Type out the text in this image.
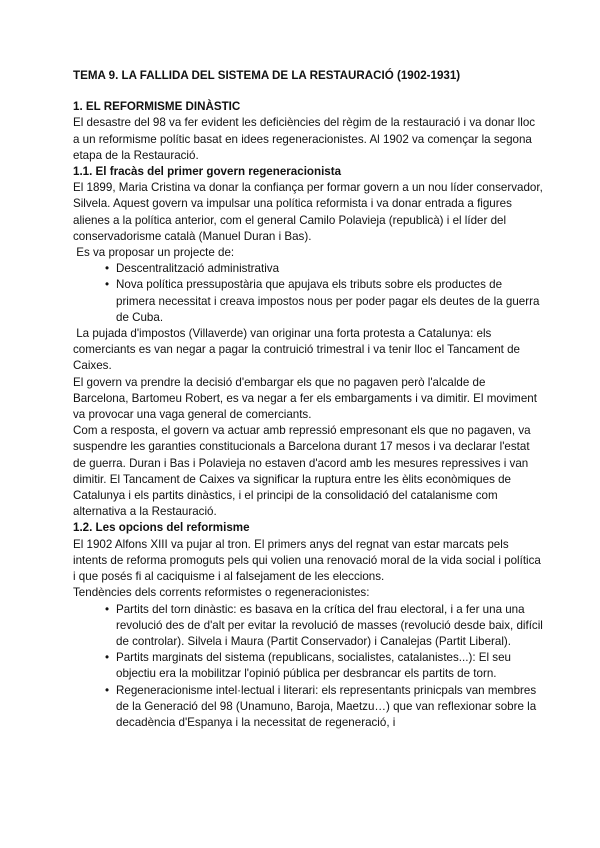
TEMA 9. LA FALLIDA DEL SISTEMA DE LA RESTAURACIÓ (1902-1931)

1. EL REFORMISME DINÀSTIC

El desastre del 98 va fer evident les deficiències del règim de la restauració i va donar lloc a un reformisme polític basat en idees regeneracionistes. Al 1902 va començar la segona etapa de la Restauració.

1.1. El fracàs del primer govern regeneracionista

El 1899, Maria Cristina va donar la confiança per formar govern a un nou líder conservador, Silvela. Aquest govern va impulsar una política reformista i va donar entrada a figures alienes a la política anterior, com el general Camilo Polavieja (republicà) i el líder del conservadorisme català (Manuel Duran i Bas).

Es va proposar un projecte de:

• Descentralització administrativa
• Nova política pressupostària que apujava els tributs sobre els productes de primera necessitat i creava impostos nous per poder pagar els deutes de la guerra de Cuba.

La pujada d'impostos (Villaverde) van originar una forta protesta a Catalunya: els comerciants es van negar a pagar la contruició trimestral i va tenir lloc el Tancament de Caixes.

El govern va prendre la decisió d'embargar els que no pagaven però l'alcalde de Barcelona, Bartomeu Robert, es va negar a fer els embargaments i va dimitir. El moviment va provocar una vaga general de comerciants.

Com a resposta, el govern va actuar amb repressió empresonant els que no pagaven, va suspendre les garanties constitucionals a Barcelona durant 17 mesos i va declarar l'estat de guerra. Duran i Bas i Polavieja no estaven d'acord amb les mesures repressives i van dimitir. El Tancament de Caixes va significar la ruptura entre les èlits econòmiques de Catalunya i els partits dinàstics, i el principi de la consolidació del catalanisme com alternativa a la Restauració.

1.2. Les opcions del reformisme

El 1902 Alfons XIII va pujar al tron. El primers anys del regnat van estar marcats pels intents de reforma promoguts pels qui volien una renovació moral de la vida social i política i que posés fi al caciquisme i al falsejament de les eleccions.

Tendències dels corrents reformistes o regeneracionistes:

• Partits del torn dinàstic: es basava en la crítica del frau electoral, i a fer una una revolució des de d'alt per evitar la revolució de masses (revolució desde baix, difícil de controlar). Silvela i Maura (Partit Conservador) i Canalejas (Partit Liberal).
• Partits marginats del sistema (republicans, socialistes, catalanistes...): El seu objectiu era la mobilitzar l'opinió pública per desbrancar els partits de torn.
• Regeneracionisme intel·lectual i literari: els representants prinicpals van membres de la Generació del 98 (Unamuno, Baroja, Maetzu…) que van reflexionar sobre la decadència d'Espanya i la necessitat de regeneració, i
